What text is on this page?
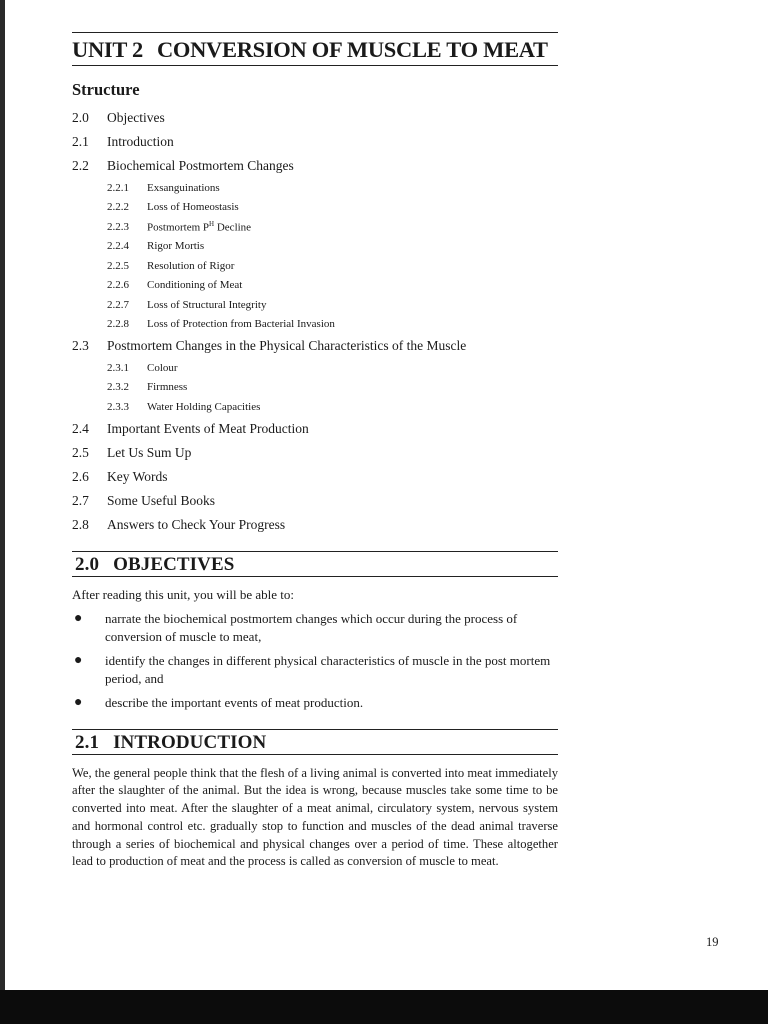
UNIT 2 CONVERSION OF MUSCLE TO MEAT
Structure
2.0	Objectives
2.1	Introduction
2.2	Biochemical Postmortem Changes
2.2.1	Exsanguinations
2.2.2	Loss of Homeostasis
2.2.3	Postmortem $P^H$ Decline
2.2.4	Rigor Mortis
2.2.5	Resolution of Rigor
2.2.6	Conditioning of Meat
2.2.7	Loss of Structural Integrity
2.2.8	Loss of Protection from Bacterial Invasion
2.3	Postmortem Changes in the Physical Characteristics of the Muscle
2.3.1	Colour
2.3.2	Firmness
2.3.3	Water Holding Capacities
2.4	Important Events of Meat Production
2.5	Let Us Sum Up
2.6	Key Words
2.7	Some Useful Books
2.8	Answers to Check Your Progress
2.0 OBJECTIVES
After reading this unit, you will be able to:
●	narrate the biochemical postmortem changes which occur during the process of conversion of muscle to meat,
●	identify the changes in different physical characteristics of muscle in the post mortem period, and
●	describe the important events of meat production.
2.1 INTRODUCTION
We, the general people think that the flesh of a living animal is converted into meat immediately after the slaughter of the animal. But the idea is wrong, because muscles take some time to be converted into meat. After the slaughter of a meat animal, circulatory system, nervous system and hormonal control etc. gradually stop to function and muscles of the dead animal traverse through a series of biochemical and physical changes over a period of time. These altogether lead to production of meat and the process is called as conversion of muscle to meat.
19
